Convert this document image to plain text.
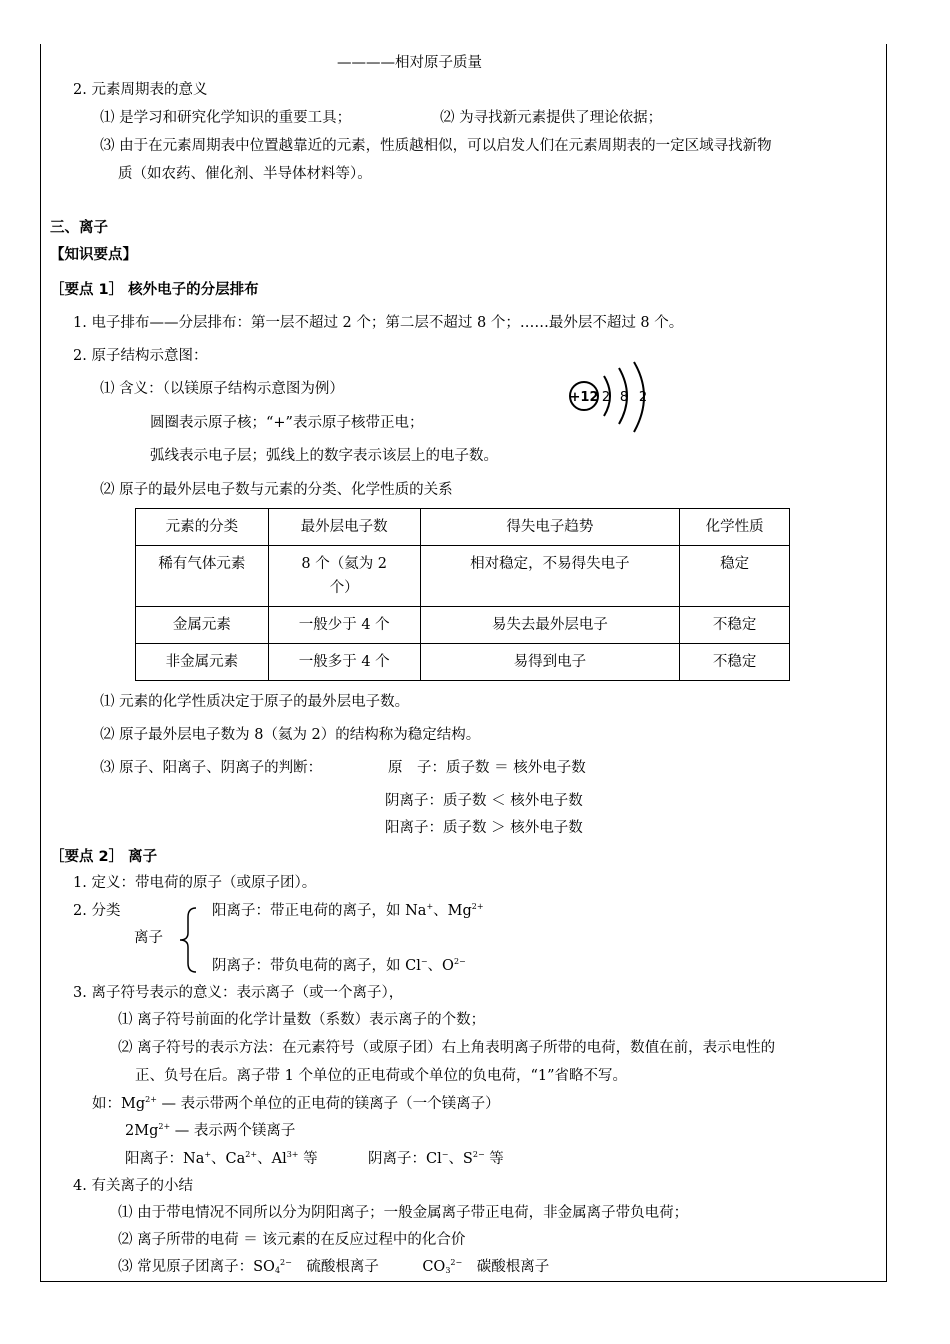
————相对原子质量
2. 元素周期表的意义
⑴ 是学习和研究化学知识的重要工具；	⑵ 为寻找新元素提供了理论依据；
⑶ 由于在元素周期表中位置越靠近的元素，性质越相似，可以启发人们在元素周期表的一定区域寻找新物
质（如农药、催化剂、半导体材料等）。
三、离子
【知识要点】
［要点 1］ 核外电子的分层排布
1. 电子排布——分层排布：第一层不超过 2 个；第二层不超过 8 个；……最外层不超过 8 个。
2. 原子结构示意图：
⑴ 含义：（以镁原子结构示意图为例）
圆圈表示原子核；“+”表示原子核带正电；
弧线表示电子层；弧线上的数字表示该层上的电子数。
+12 2 8 2
⑵ 原子的最外层电子数与元素的分类、化学性质的关系
元素的分类	最外层电子数	得失电子趋势	化学性质
稀有气体元素	8 个（氦为 2 个）	相对稳定，不易得失电子	稳定
金属元素	一般少于 4 个	易失去最外层电子	不稳定
非金属元素	一般多于 4 个	易得到电子	不稳定
⑴ 元素的化学性质决定于原子的最外层电子数。
⑵ 原子最外层电子数为 8（氦为 2）的结构称为稳定结构。
⑶ 原子、阳离子、阴离子的判断：	原　子：质子数 ＝ 核外电子数
阴离子：质子数 ＜ 核外电子数
阳离子：质子数 ＞ 核外电子数
［要点 2］ 离子
1. 定义：带电荷的原子（或原子团）。
2. 分类
离子
阳离子：带正电荷的离子，如 Na+、$Mg^{2+}$
阴离子：带负电荷的离子，如 Cl−、$O^{2-}$
3. 离子符号表示的意义：表示离子（或一个离子），
⑴ 离子符号前面的化学计量数（系数）表示离子的个数；
⑵ 离子符号的表示方法：在元素符号（或原子团）右上角表明离子所带的电荷，数值在前，表示电性的
正、负号在后。离子带 1 个单位的正电荷或个单位的负电荷，“1”省略不写。
如：$Mg^{2+}$ — 表示带两个单位的正电荷的镁离子（一个镁离子）
$2Mg^{2+}$ — 表示两个镁离子
阳离子：Na+、$Ca^{2+}$、$Al^{3+}$ 等	阴离子：Cl−、$S^{2-}$ 等
4. 有关离子的小结
⑴ 由于带电情况不同所以分为阴阳离子；一般金属离子带正电荷，非金属离子带负电荷；
⑵ 离子所带的电荷 ＝ 该元素的在反应过程中的化合价
⑶ 常见原子团离子：$SO_4^{2-}$　 硫酸根离子　　　$CO_3^{2-}$　 碳酸根离子
